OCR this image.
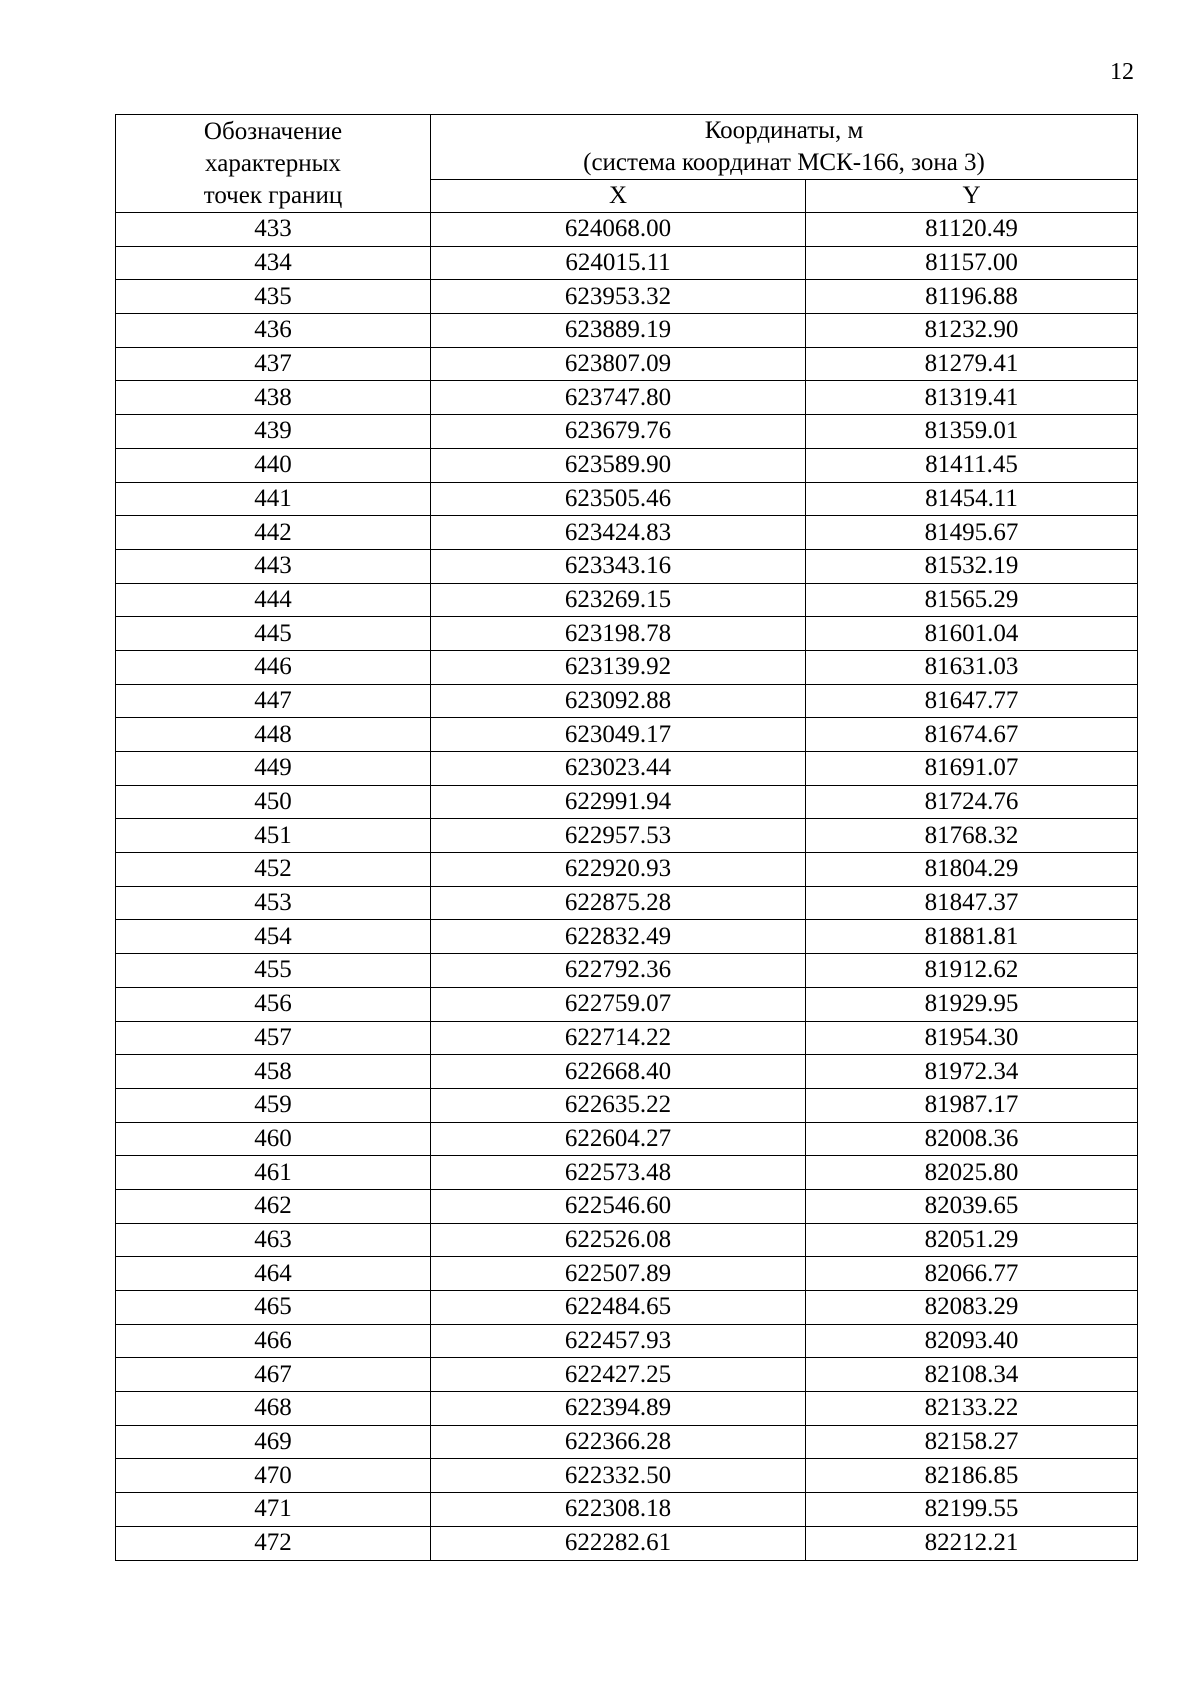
12
Обозначение
характерных
точек границ	Координаты, м
(система координат МСК-166, зона 3)	

	X	Y
433	624068.00	81120.49
434	624015.11	81157.00
435	623953.32	81196.88
436	623889.19	81232.90
437	623807.09	81279.41
438	623747.80	81319.41
439	623679.76	81359.01
440	623589.90	81411.45
441	623505.46	81454.11
442	623424.83	81495.67
443	623343.16	81532.19
444	623269.15	81565.29
445	623198.78	81601.04
446	623139.92	81631.03
447	623092.88	81647.77
448	623049.17	81674.67
449	623023.44	81691.07
450	622991.94	81724.76
451	622957.53	81768.32
452	622920.93	81804.29
453	622875.28	81847.37
454	622832.49	81881.81
455	622792.36	81912.62
456	622759.07	81929.95
457	622714.22	81954.30
458	622668.40	81972.34
459	622635.22	81987.17
460	622604.27	82008.36
461	622573.48	82025.80
462	622546.60	82039.65
463	622526.08	82051.29
464	622507.89	82066.77
465	622484.65	82083.29
466	622457.93	82093.40
467	622427.25	82108.34
468	622394.89	82133.22
469	622366.28	82158.27
470	622332.50	82186.85
471	622308.18	82199.55
472	622282.61	82212.21
